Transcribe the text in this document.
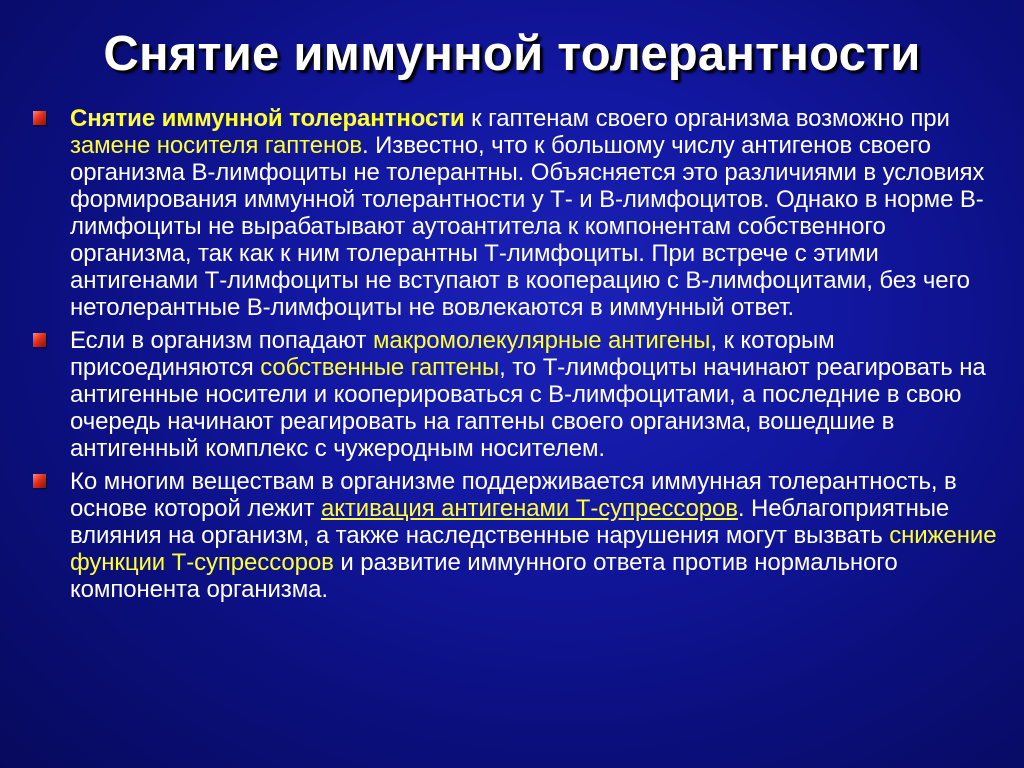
Снятие иммунной толерантности
Снятие иммунной толерантности к гаптенам своего организма возможно при замене носителя гаптенов. Известно, что к большому числу антигенов своего организма В-лимфоциты не толерантны. Объясняется это различиями в условиях формирования иммунной толерантности у Т- и В-лимфоцитов. Однако в норме В-лимфоциты не вырабатывают аутоантитела к компонентам собственного организма, так как к ним толерантны Т-лимфоциты. При встрече с этими антигенами Т-лимфоциты не вступают в кооперацию с В-лимфоцитами, без чего нетолерантные В-лимфоциты не вовлекаются в иммунный ответ.
Если в организм попадают макромолекулярные антигены, к которым присоединяются собственные гаптены, то Т-лимфоциты начинают реагировать на антигенные носители и кооперироваться с В-лимфоцитами, а последние в свою очередь начинают реагировать на гаптены своего организма, вошедшие в антигенный комплекс с чужеродным носителем.
Ко многим веществам в организме поддерживается иммунная толерантность, в основе которой лежит активация антигенами Т-супрессоров. Неблагоприятные влияния на организм, а также наследственные нарушения могут вызвать снижение функции Т-супрессоров и развитие иммунного ответа против нормального компонента организма.
